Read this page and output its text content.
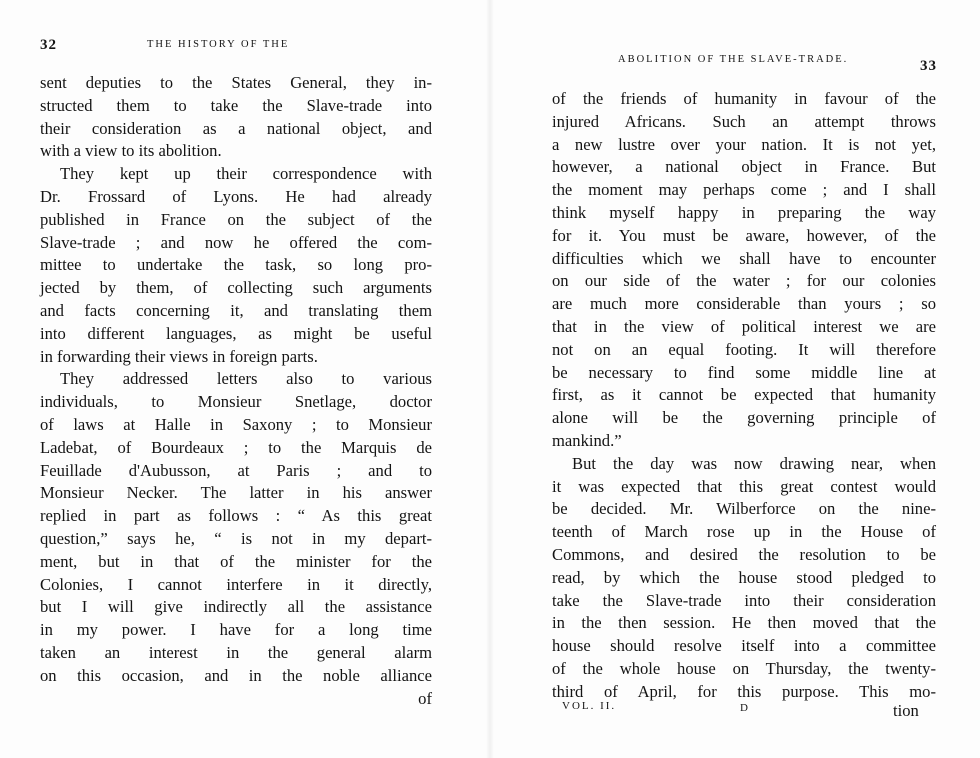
32	THE HISTORY OF THE
sent deputies to the States General, they in-
structed them to take the Slave-trade into
their consideration as a national object, and
with a view to its abolition.
They kept up their correspondence with
Dr. Frossard of Lyons. He had already
published in France on the subject of the
Slave-trade ; and now he offered the com-
mittee to undertake the task, so long pro-
jected by them, of collecting such arguments
and facts concerning it, and translating them
into different languages, as might be useful
in forwarding their views in foreign parts.
They addressed letters also to various
individuals, to Monsieur Snetlage, doctor
of laws at Halle in Saxony ; to Monsieur
Ladebat, of Bourdeaux ; to the Marquis de
Feuillade d'Aubusson, at Paris ; and to
Monsieur Necker. The latter in his answer
replied in part as follows : “ As this great
question,” says he, “ is not in my depart-
ment, but in that of the minister for the
Colonies, I cannot interfere in it directly,
but I will give indirectly all the assistance
in my power. I have for a long time
taken an interest in the general alarm
on this occasion, and in the noble alliance
of
ABOLITION OF THE SLAVE-TRADE.	33
of the friends of humanity in favour of the
injured Africans. Such an attempt throws
a new lustre over your nation. It is not yet,
however, a national object in France. But
the moment may perhaps come ; and I shall
think myself happy in preparing the way
for it. You must be aware, however, of the
difficulties which we shall have to encounter
on our side of the water ; for our colonies
are much more considerable than yours ; so
that in the view of political interest we are
not on an equal footing. It will therefore
be necessary to find some middle line at
first, as it cannot be expected that humanity
alone will be the governing principle of
mankind.”
But the day was now drawing near, when
it was expected that this great contest would
be decided. Mr. Wilberforce on the nine-
teenth of March rose up in the House of
Commons, and desired the resolution to be
read, by which the house stood pledged to
take the Slave-trade into their consideration
in the then session. He then moved that the
house should resolve itself into a committee
of the whole house on Thursday, the twenty-
third of April, for this purpose. This mo-
VOL. II.	D	tion
